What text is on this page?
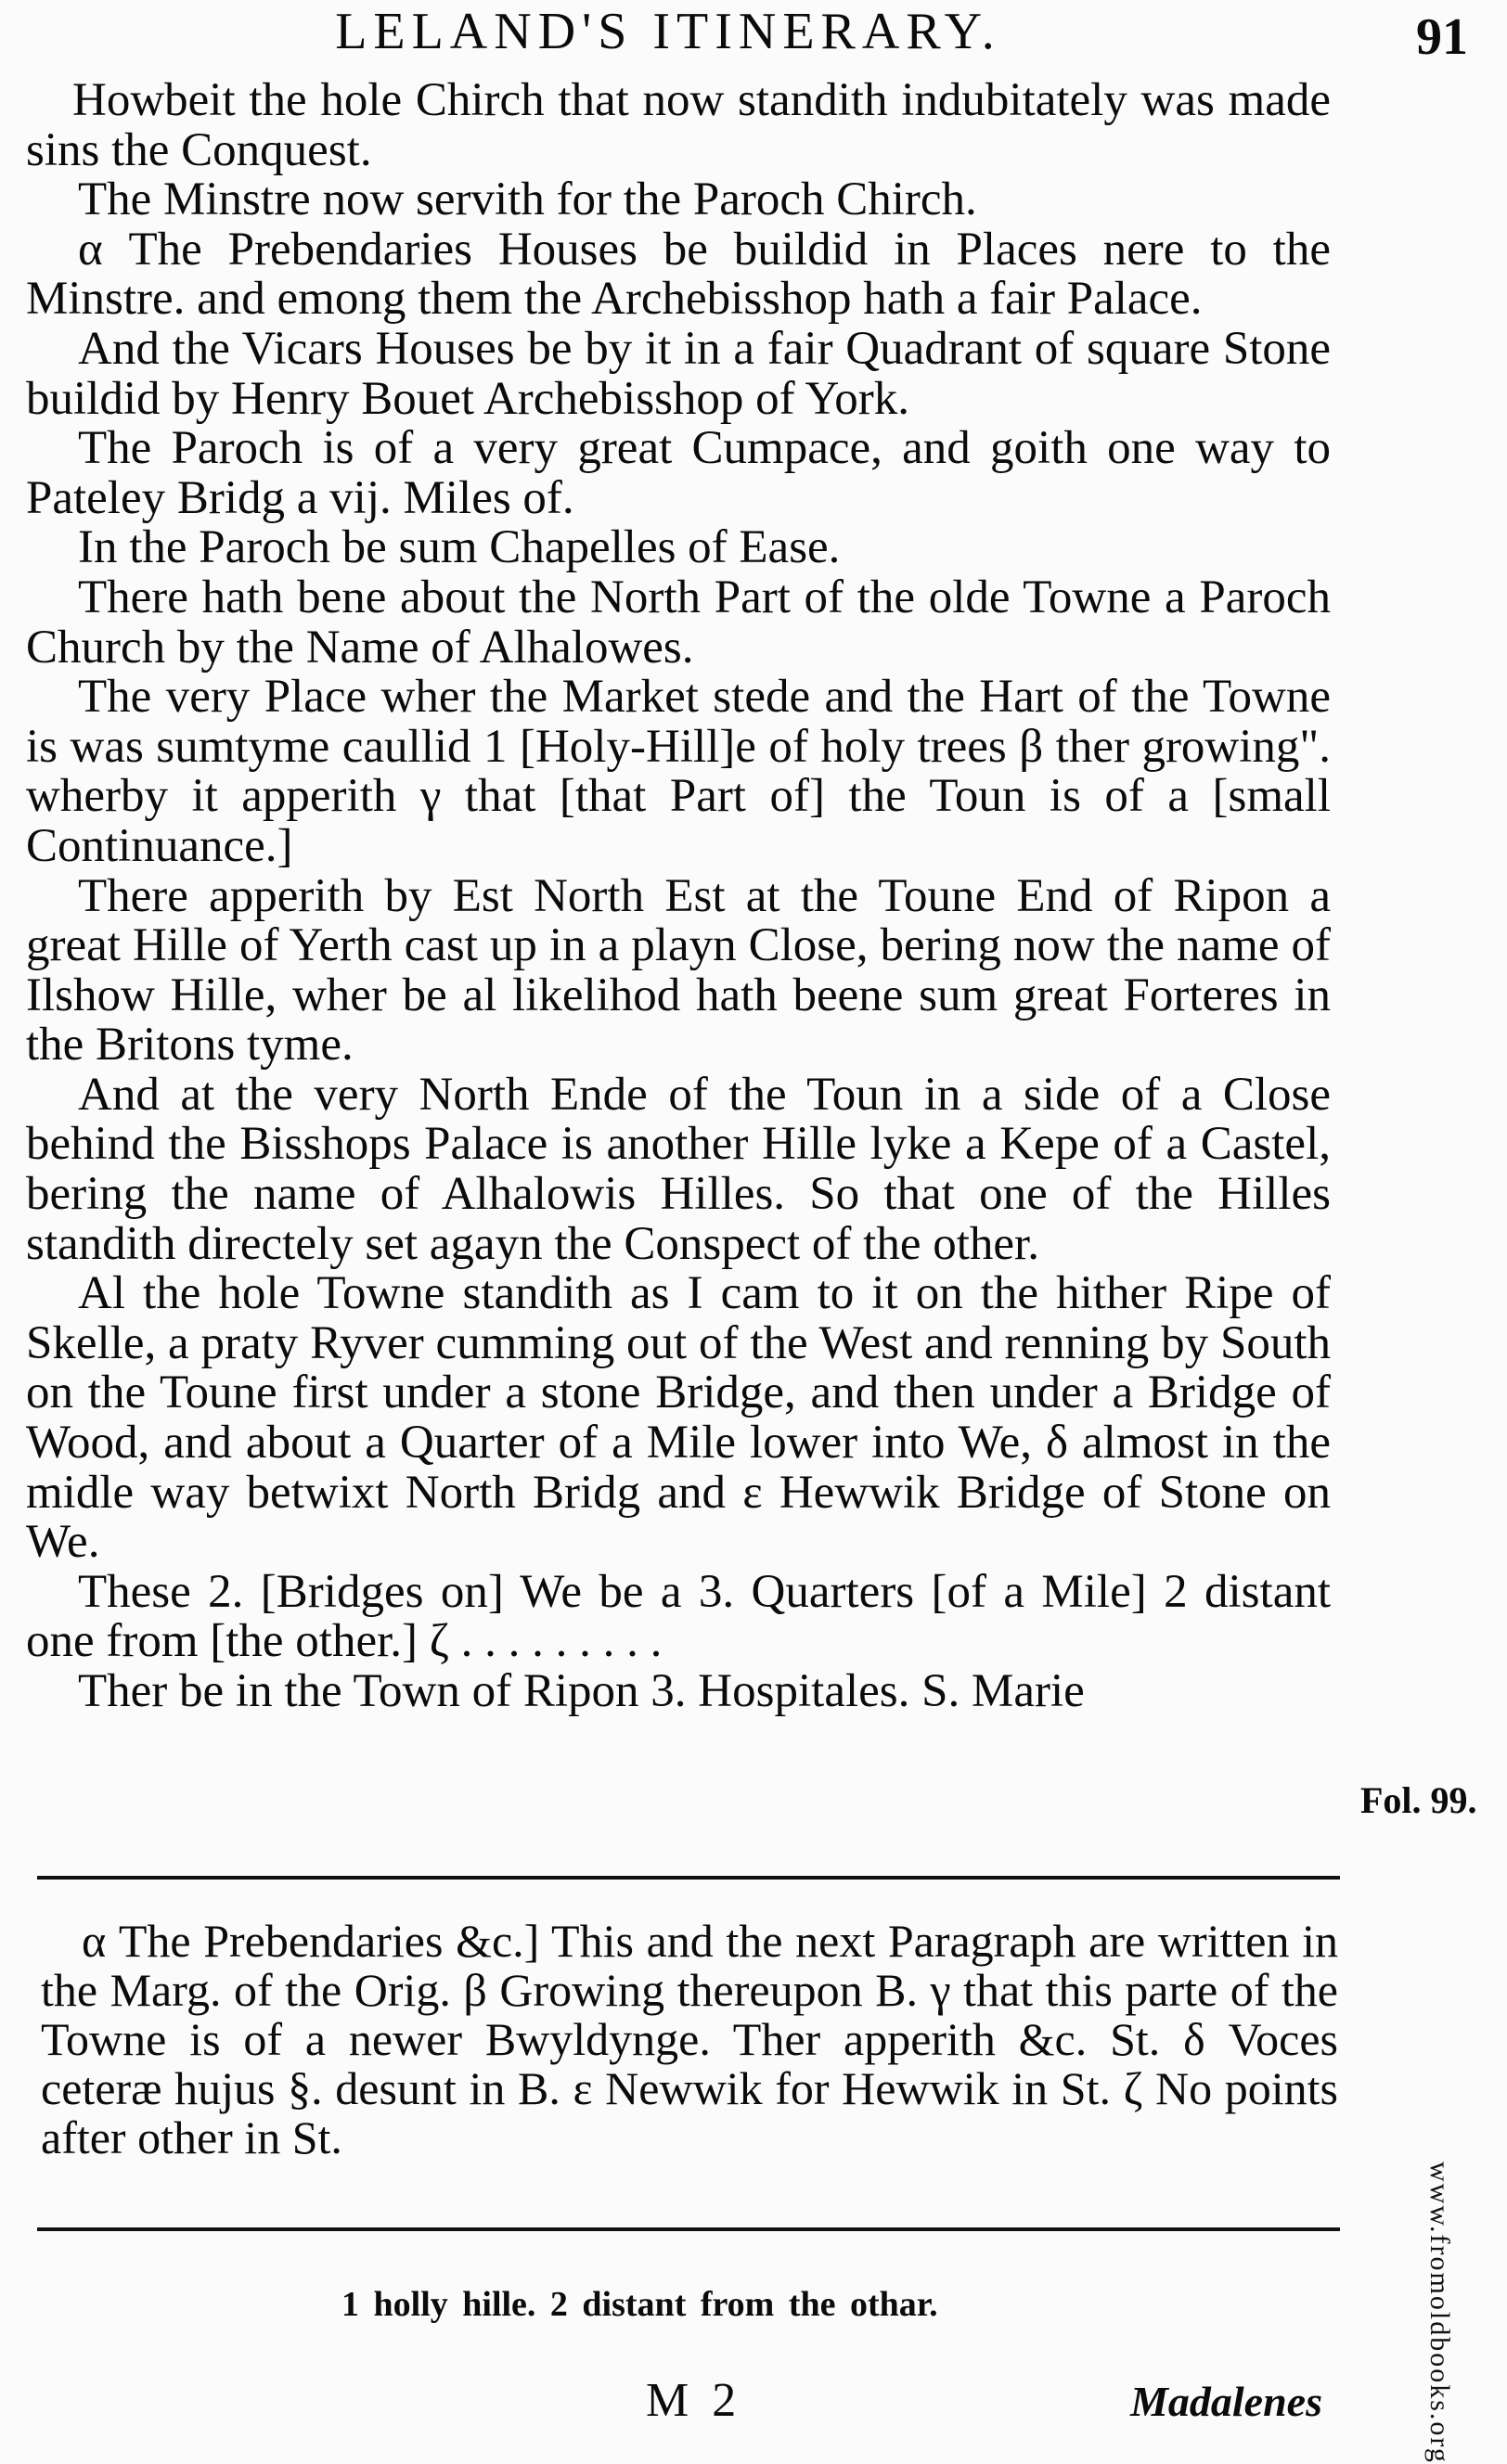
LELAND'S ITINERARY.	91

Howbeit the hole Chirch that now standith indubitately was made sins the Conquest.

The Minstre now servith for the Paroch Chirch.

α The Prebendaries Houses be buildid in Places nere to the Minstre. and emong them the Archebisshop hath a fair Palace.

And the Vicars Houses be by it in a fair Quadrant of square Stone buildid by Henry Bouet Archebisshop of York.

The Paroch is of a very great Cumpace, and goith one way to Pateley Bridg a vij. Miles of.

In the Paroch be sum Chapelles of Ease.

There hath bene about the North Part of the olde Towne a Paroch Church by the Name of Alhalowes.

The very Place wher the Market stede and the Hart of the Towne is was sumtyme caullid 1 [Holy-Hill]e of holy trees β ther growing". wherby it apperith γ that [that Part of] the Toun is of a [small Continuance.]

There apperith by Est North Est at the Toune End of Ripon a great Hille of Yerth cast up in a playn Close, bering now the name of Ilshow Hille, wher be al likelihod hath beene sum great Forteres in the Britons tyme.

And at the very North Ende of the Toun in a side of a Close behind the Bisshops Palace is another Hille lyke a Kepe of a Castel, bering the name of Alhalowis Hilles. So that one of the Hilles standith directely set agayn the Conspect of the other.

Al the hole Towne standith as I cam to it on the hither Ripe of Skelle, a praty Ryver cumming out of the West and renning by South on the Toune first under a stone Bridge, and then under a Bridge of Wood, and about a Quarter of a Mile lower into We, δ almost in the midle way betwixt North Bridg and ε Hewwik Bridge of Stone on We.

These 2. [Bridges on] We be a 3. Quarters [of a Mile] 2 distant one from [the other.] ζ . . . . . . . . .

Ther be in the Town of Ripon 3. Hospitales. S. Marie

Fol. 99.

α The Prebendaries &c.] This and the next Paragraph are written in the Marg. of the Orig. β Growing thereupon B. γ that this parte of the Towne is of a newer Bwyldynge. Ther apperith &c. St. δ Voces ceteræ hujus §. desunt in B. ε Newwik for Hewwik in St. ζ No points after other in St.

1 holly hille. 2 distant from the othar.
M 2	Madalenes	www.fromoldbooks.org
